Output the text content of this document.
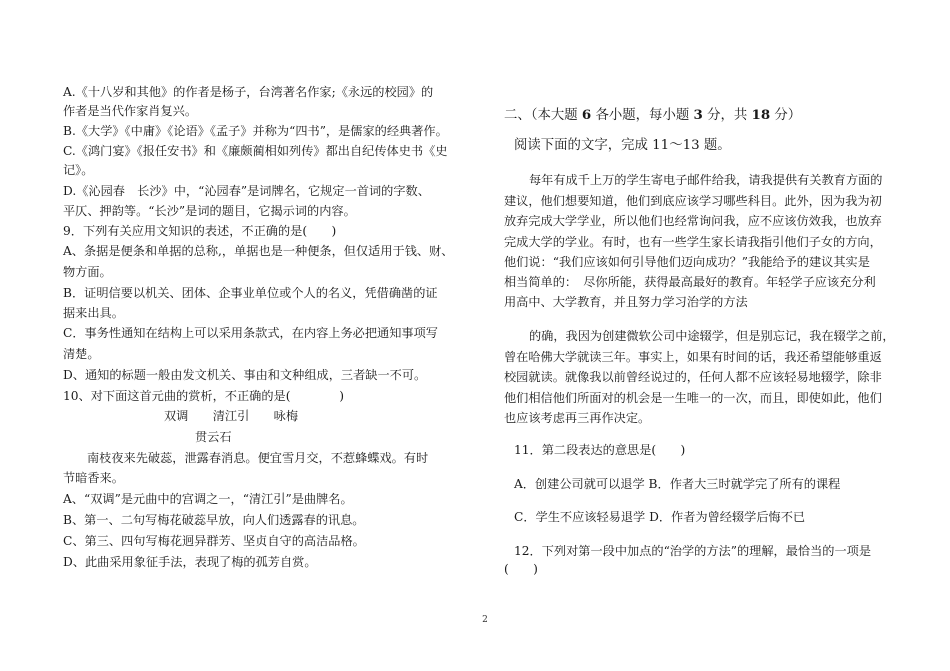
A.《十八岁和其他》的作者是杨子，台湾著名作家;《永远的校园》的
作者是当代作家肖复兴。
B.《大学》《中庸》《论语》《孟子》并称为“四书”，是儒家的经典著作。
C.《鸿门宴》《报任安书》和《廉颇蔺相如列传》都出自纪传体史书《史
记》。
D.《沁园春　长沙》中，“沁园春”是词牌名，它规定一首词的字数、
平仄、押韵等。“长沙”是词的题目，它揭示词的内容。
9．下列有关应用文知识的表述，不正确的是(　　)
A、条据是便条和单据的总称,，单据也是一种便条，但仅适用于钱、财、
物方面。
B．证明信要以机关、团体、企事业单位或个人的名义，凭借确凿的证
据来出具。
C．事务性通知在结构上可以采用条款式，在内容上务必把通知事项写
清楚。
D、通知的标题一般由发文机关、事由和文种组成，三者缺一不可。
10、对下面这首元曲的赏析，不正确的是(　　　　)
双调　　清江引　　咏梅
贯云石
南枝夜来先破蕊，泄露春消息。便宜雪月交，不惹蜂蝶戏。有时
节暗香来。
A、“双调”是元曲中的宫调之一，“清江引”是曲牌名。
B、第一、二句写梅花破蕊早放，向人们透露春的讯息。
C、第三、四句写梅花迥异群芳、坚贞自守的高洁品格。
D、此曲采用象征手法，表现了梅的孤芳自赏。
二、（本大题 6 各小题，每小题 3 分，共 18 分）
阅读下面的文字，完成 11～13 题。
每年有成千上万的学生寄电子邮件给我，请我提供有关教育方面的
建议，他们想要知道，他们到底应该学习哪些科目。此外，因为我为初
放弃完成大学学业，所以他们也经常询问我，应不应该仿效我，也放弃
完成大学的学业。有时，也有一些学生家长请我指引他们子女的方向，
他们说：“我们应该如何引导他们迈向成功？”我能给予的建议其实是
相当简单的：　尽你所能，获得最高最好的教育。年轻学子应该充分利
用高中、大学教育，并且努力学习治学的方法
的确，我因为创建微软公司中途辍学，但是别忘记，我在辍学之前，
曾在哈佛大学就读三年。事实上，如果有时间的话，我还希望能够重返
校园就读。就像我以前曾经说过的，任何人都不应该轻易地辍学，除非
他们相信他们所面对的机会是一生唯一的一次，而且，即使如此，他们
也应该考虑再三再作决定。
11．第二段表达的意思是(　　)
A．创建公司就可以退学 B．作者大三时就学完了所有的课程
C．学生不应该轻易退学 D．作者为曾经辍学后悔不已
12．下列对第一段中加点的“治学的方法”的理解，最恰当的一项是
(　　)
2
